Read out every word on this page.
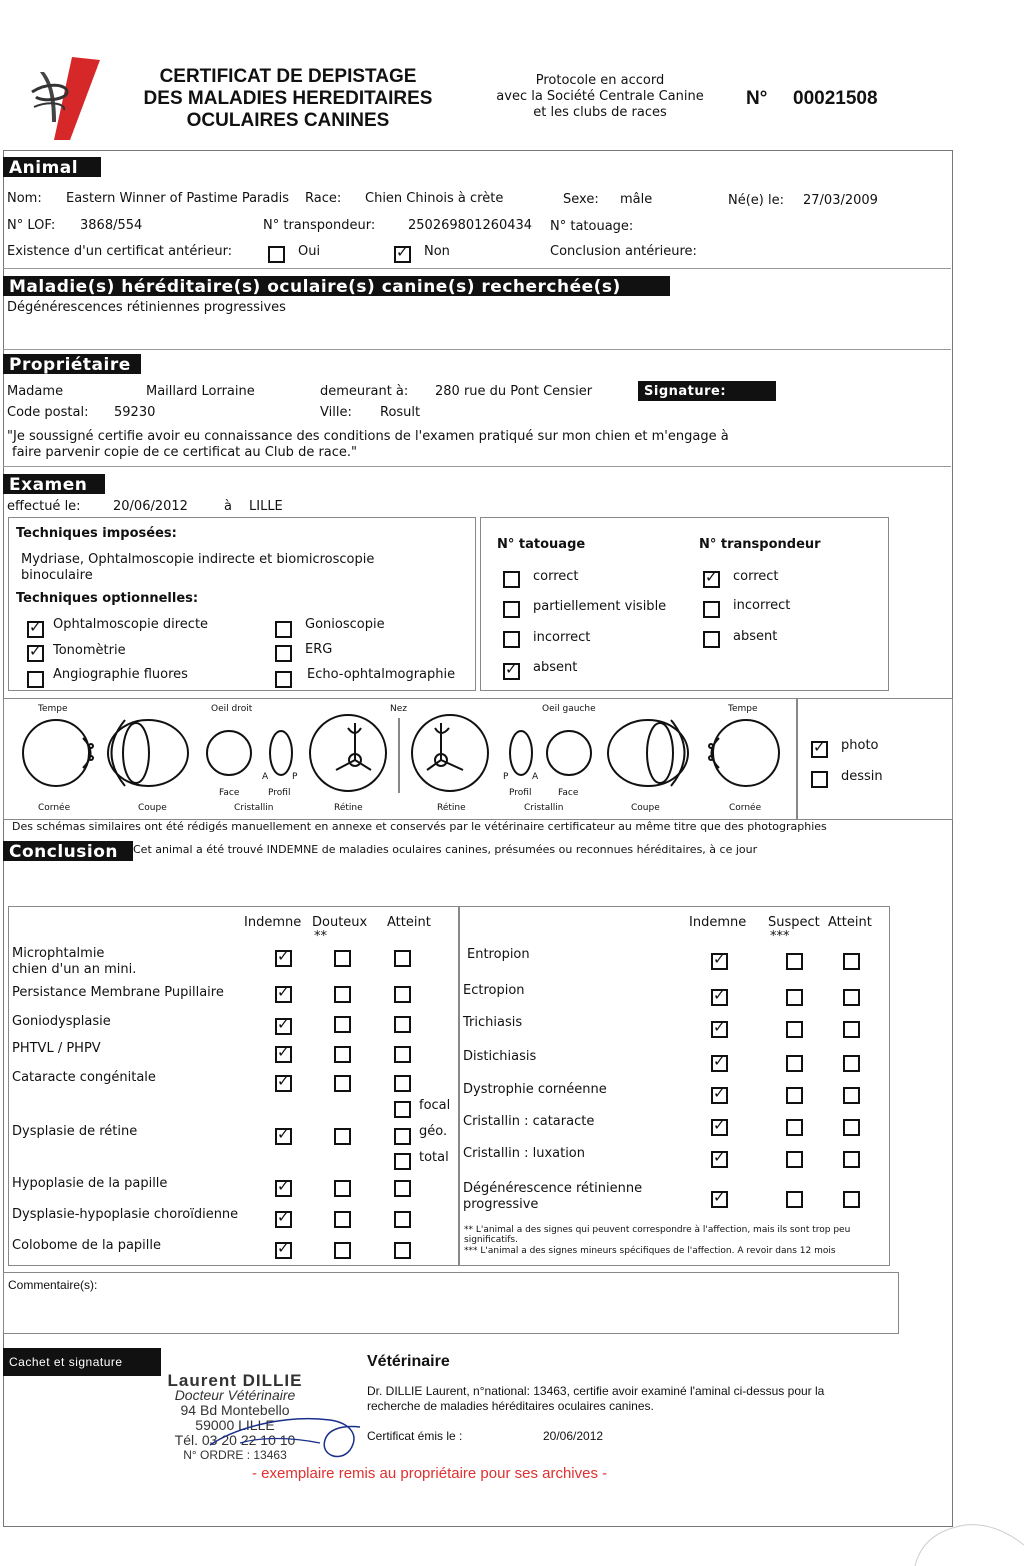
CERTIFICAT DE DEPISTAGE
DES MALADIES HEREDITAIRES
OCULAIRES CANINES
Protocole en accord
avec la Société Centrale Canine
et les clubs de races
N° 00021508
Animal
Nom: Eastern Winner of Pastime Paradis Race: Chien Chinois à crète	Sexe: mâle	Né(e) le: 27/03/2009
N° LOF: 3868/554	N° transpondeur:	250269801260434 N° tatouage:
Existence d'un certificat antérieur:	Oui
✓	Non	Conclusion antérieure:
Maladie(s) héréditaire(s) oculaire(s) canine(s) recherchée(s)
Dégénérescences rétiniennes progressives
Propriétaire
Madame	Maillard Lorraine	demeurant à: 280 rue du Pont Censier	Signature:
Code postal: 59230	Ville: Rosult
"Je soussigné certifie avoir eu connaissance des conditions de l'examen pratiqué sur mon chien et m'engage à
faire parvenir copie de ce certificat au Club de race."
Examen
effectué le: 20/06/2012	à LILLE
Techniques imposées:
Mydriase, Ophtalmoscopie indirecte et biomicroscopie
binoculaire
Techniques optionnelles:
✓
Ophtalmoscopie directe
✓
Tonomètrie
Angiographie fluores
Gonioscopie
ERG
Echo-ophtalmographie
N° tatouage
correct
partiellement visible
incorrect
✓
absent
N° transpondeur
✓
correct
incorrect
absent
Tempe	Oeil droit	Nez	Oeil gauche	Tempe
A	P	P	A
Face	Profil	Profil	Face
Cornée	Coupe	Cristallin	Rétine	Rétine	Cristallin	Coupe	Cornée
✓
photo
dessin
Des schémas similaires ont été rédigés manuellement en annexe et conservés par le vétérinaire certificateur au même titre que des photographies
Conclusion	Cet animal a été trouvé INDEMNE de maladies oculaires canines, présumées ou reconnues héréditaires, à ce jour
Indemne Douteux
**
Atteint
Microphtalmie
chien d'un an mini.
Persistance Membrane Pupillaire
Goniodysplasie
PHTVL / PHPV
Cataracte congénitale
Dysplasie de rétine
Hypoplasie de la papille
Dysplasie-hypoplasie choroïdienne
Colobome de la papille
✓
✓
✓
✓
✓
focal
✓
géo.
total
✓
✓
✓
Indemne Suspect
***
Atteint
Entropion
Ectropion
Trichiasis
Distichiasis
Dystrophie cornéenne
Cristallin : cataracte
Cristallin : luxation
Dégénérescence rétinienne
progressive
✓
✓
✓
✓
✓
✓
✓
✓
** L'animal a des signes qui peuvent correspondre à l'affection, mais ils sont trop peu
significatifs.
*** L'animal a des signes mineurs spécifiques de l'affection. A revoir dans 12 mois
Commentaire(s):
Cachet et signature
Laurent DILLIE
Docteur Vétérinaire
94 Bd Montebello
59000 LILLE
Tél. 03 20 22 10 10
N° ORDRE : 13463
Vétérinaire
Dr. DILLIE Laurent, n°national: 13463, certifie avoir examiné l'aminal ci-dessus pour la
recherche de maladies héréditaires oculaires canines.
Certificat émis le :	20/06/2012
- exemplaire remis au propriétaire pour ses archives -
